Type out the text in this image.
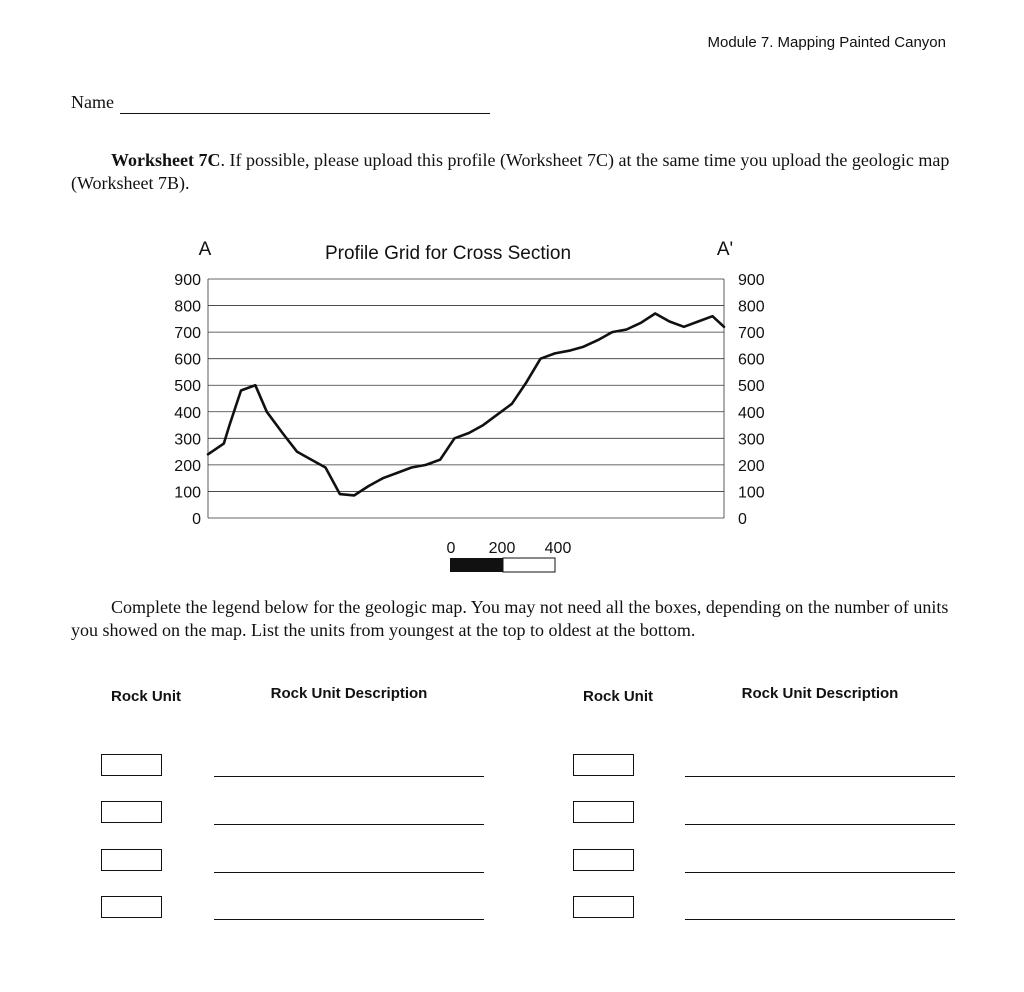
Module 7. Mapping Painted Canyon
Name
Worksheet 7C. If possible, please upload this profile (Worksheet 7C) at the same time you upload the geologic map (Worksheet 7B).
Profile Grid for Cross Section
A	A'
900	900
800	800
700	700
600	600
500	500
400	400
300	300
200	200
100	100
0	0
0 200 400
Complete the legend below for the geologic map. You may not need all the boxes, depending on the number of units you showed on the map. List the units from youngest at the top to oldest at the bottom.
Rock Unit	Rock Unit Description	Rock Unit	Rock Unit Description
